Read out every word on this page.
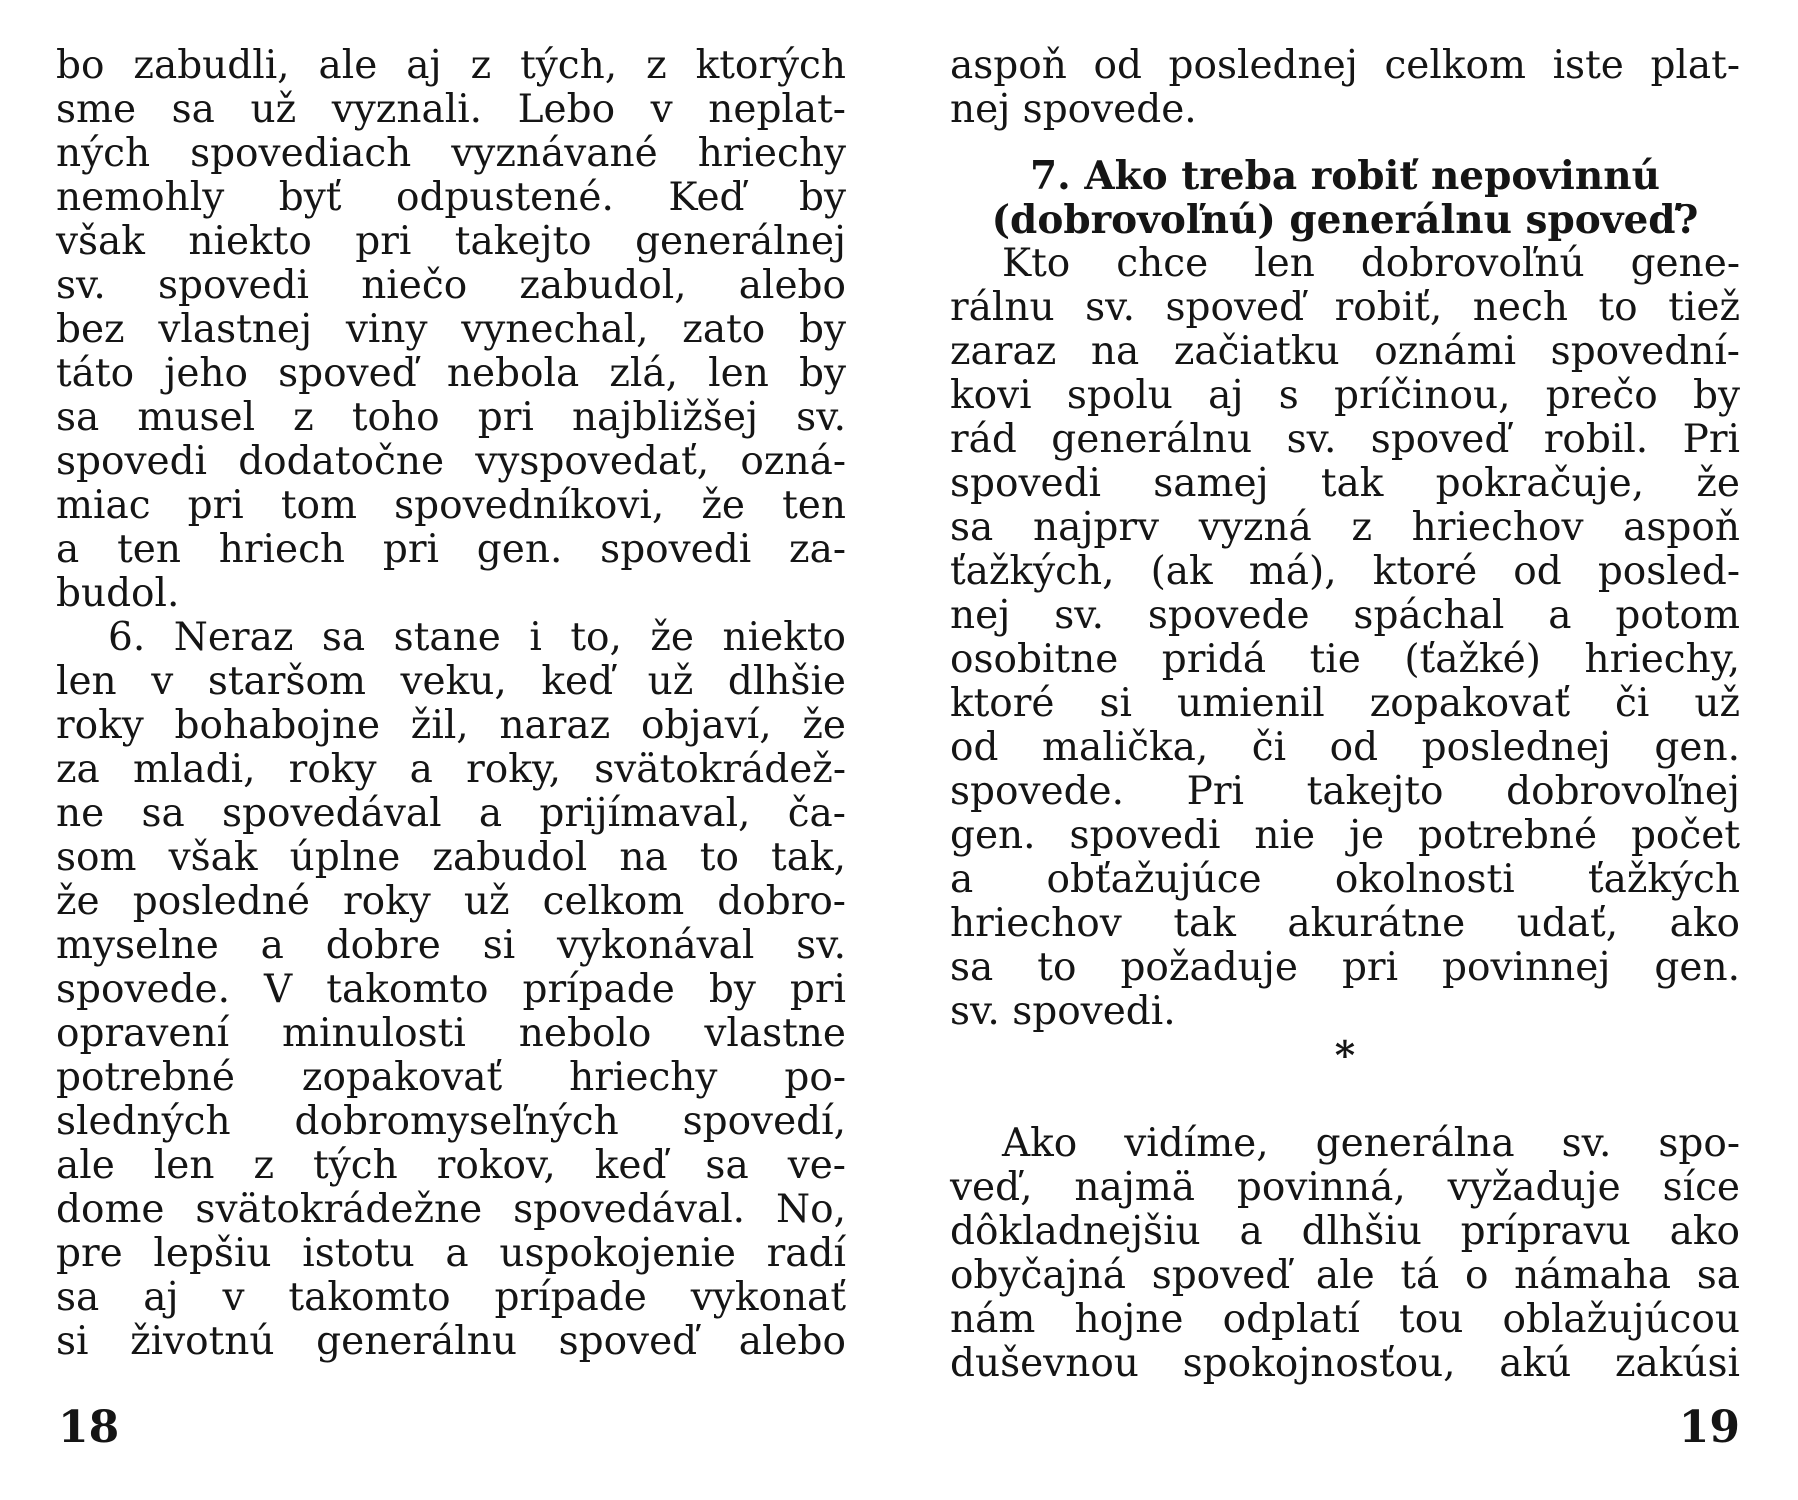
bo zabudli, ale aj z tých, z ktorých
sme sa už vyznali. Lebo v neplat-
ných spovediach vyznávané hriechy
nemohly byť odpustené. Keď by
však niekto pri takejto generálnej
sv. spovedi niečo zabudol, alebo
bez vlastnej viny vynechal, zato by
táto jeho spoveď nebola zlá, len by
sa musel z toho pri najbližšej sv.
spovedi dodatočne vyspovedať, ozná-
miac pri tom spovedníkovi, že ten
a ten hriech pri gen. spovedi za-
budol.
6. Neraz sa stane i to, že niekto
len v staršom veku, keď už dlhšie
roky bohabojne žil, naraz objaví, že
za mladi, roky a roky, svätokrádež-
ne sa spovedával a prijímaval, ča-
som však úplne zabudol na to tak,
že posledné roky už celkom dobro-
myselne a dobre si vykonával sv.
spovede. V takomto prípade by pri
opravení minulosti nebolo vlastne
potrebné zopakovať hriechy po-
sledných dobromyseľných spovedí,
ale len z tých rokov, keď sa ve-
dome svätokrádežne spovedával. No,
pre lepšiu istotu a uspokojenie radí
sa aj v takomto prípade vykonať
si životnú generálnu spoveď alebo
18
aspoň od poslednej celkom iste plat-
nej spovede.
7. Ako treba robiť nepovinnú
(dobrovoľnú) generálnu spoveď?
Kto chce len dobrovoľnú gene-
rálnu sv. spoveď robiť, nech to tiež
zaraz na začiatku oznámi spovední-
kovi spolu aj s príčinou, prečo by
rád generálnu sv. spoveď robil. Pri
spovedi samej tak pokračuje, že
sa najprv vyzná z hriechov aspoň
ťažkých, (ak má), ktoré od posled-
nej sv. spovede spáchal a potom
osobitne pridá tie (ťažké) hriechy,
ktoré si umienil zopakovať či už
od malička, či od poslednej gen.
spovede. Pri takejto dobrovoľnej
gen. spovedi nie je potrebné počet
a obťažujúce okolnosti ťažkých
hriechov tak akurátne udať, ako
sa to požaduje pri povinnej gen.
sv. spovedi.
*
Ako vidíme, generálna sv. spo-
veď, najmä povinná, vyžaduje síce
dôkladnejšiu a dlhšiu prípravu ako
obyčajná spoveď ale tá o námaha sa
nám hojne odplatí tou oblažujúcou
duševnou spokojnosťou, akú zakúsi
19
